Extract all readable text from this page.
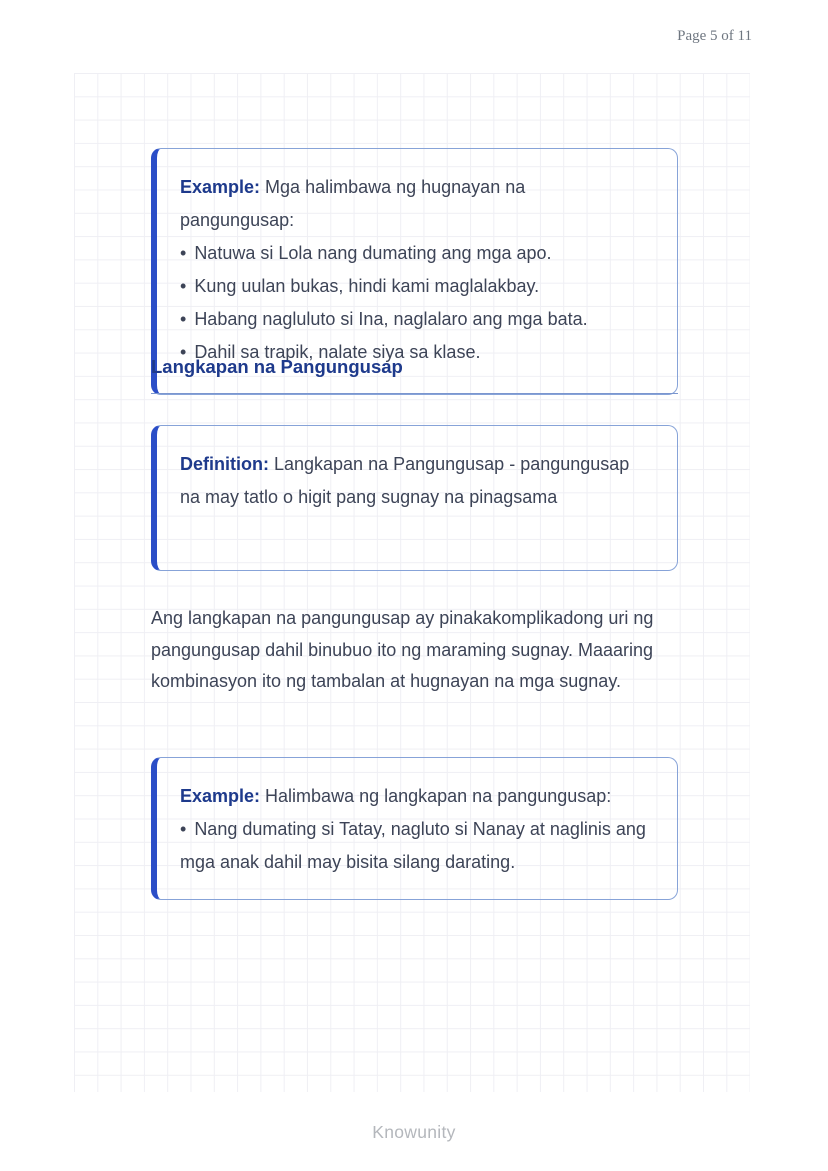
Page 5 of 11
Example: Mga halimbawa ng hugnayan na pangungusap:
• Natuwa si Lola nang dumating ang mga apo.
• Kung uulan bukas, hindi kami maglalakbay.
• Habang nagluluto si Ina, naglalaro ang mga bata.
• Dahil sa trapik, nalate siya sa klase.
Langkapan na Pangungusap
Definition: Langkapan na Pangungusap - pangungusap na may tatlo o higit pang sugnay na pinagsama
Ang langkapan na pangungusap ay pinakakomplikadong uri ng pangungusap dahil binubuo ito ng maraming sugnay. Maaaring kombinasyon ito ng tambalan at hugnayan na mga sugnay.
Example: Halimbawa ng langkapan na pangungusap:
• Nang dumating si Tatay, nagluto si Nanay at naglinis ang mga anak dahil may bisita silang darating.
Knowunity
